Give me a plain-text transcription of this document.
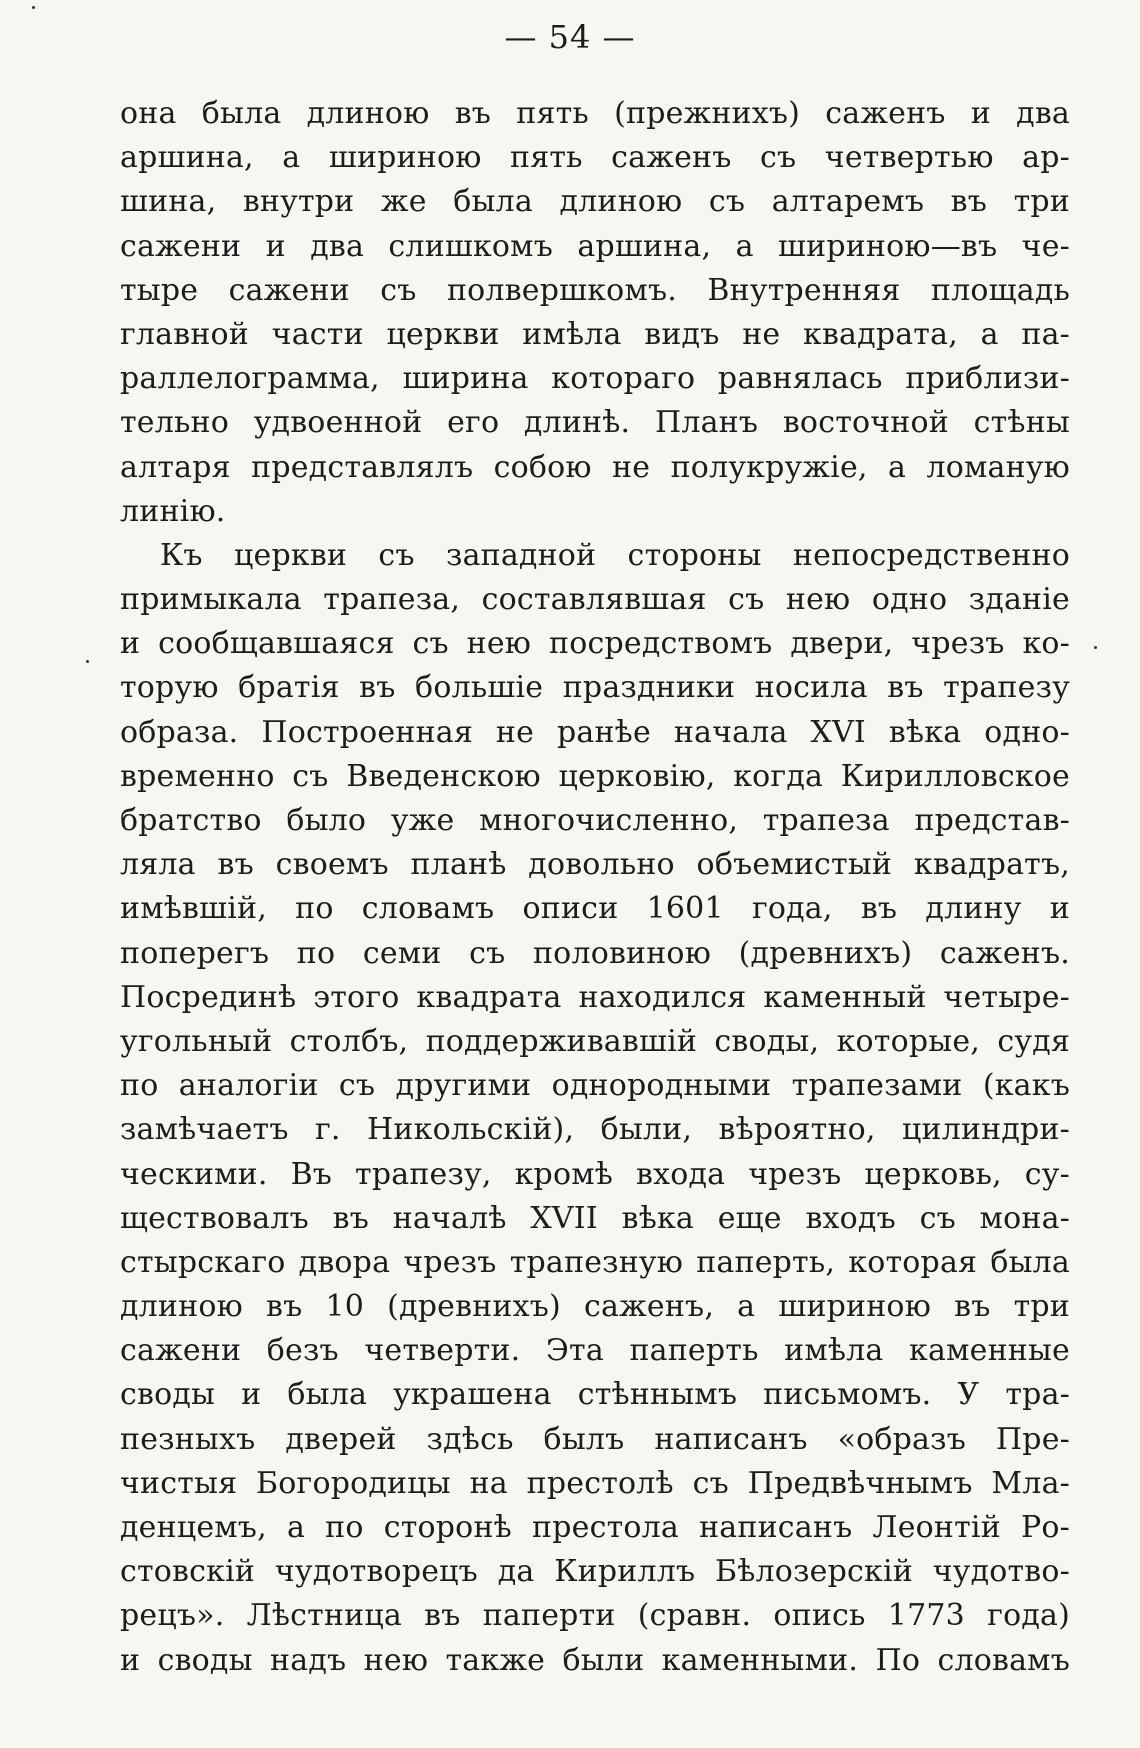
— 54 —
она была длиною въ пять (прежнихъ) саженъ и два
аршина, а шириною пять саженъ съ четвертью ар-
шина, внутри же была длиною съ алтаремъ въ три
сажени и два слишкомъ аршина, а шириною—въ че-
тыре сажени съ полвершкомъ. Внутренняя площадь
главной части церкви имѣла видъ не квадрата, а па-
раллелограмма, ширина котораго равнялась приблизи-
тельно удвоенной его длинѣ. Планъ восточной стѣны
алтаря представлялъ собою не полукружіе, а ломаную
линію.
Къ церкви съ западной стороны непосредственно
примыкала трапеза, составлявшая съ нею одно зданіе
и сообщавшаяся съ нею посредствомъ двери, чрезъ ко-
торую братія въ большіе праздники носила въ трапезу
образа. Построенная не ранѣе начала XVI вѣка одно-
временно съ Введенскою церковію, когда Кирилловское
братство было уже многочисленно, трапеза представ-
ляла въ своемъ планѣ довольно объемистый квадратъ,
имѣвшій, по словамъ описи 1601 года, въ длину и
поперегъ по семи съ половиною (древнихъ) саженъ.
Посрединѣ этого квадрата находился каменный четыре-
угольный столбъ, поддерживавшій своды, которые, судя
по аналогіи съ другими однородными трапезами (какъ
замѣчаетъ г. Никольскій), были, вѣроятно, цилиндри-
ческими. Въ трапезу, кромѣ входа чрезъ церковь, су-
ществовалъ въ началѣ XVII вѣка еще входъ съ мона-
стырскаго двора чрезъ трапезную паперть, которая была
длиною въ 10 (древнихъ) саженъ, а шириною въ три
сажени безъ четверти. Эта паперть имѣла каменные
своды и была украшена стѣннымъ письмомъ. У тра-
пезныхъ дверей здѣсь былъ написанъ «образъ Пре-
чистыя Богородицы на престолѣ съ Предвѣчнымъ Мла-
денцемъ, а по сторонѣ престола написанъ Леонтій Ро-
стовскій чудотворецъ да Кириллъ Бѣлозерскій чудотво-
рецъ». Лѣстница въ паперти (сравн. опись 1773 года)
и своды надъ нею также были каменными. По словамъ
